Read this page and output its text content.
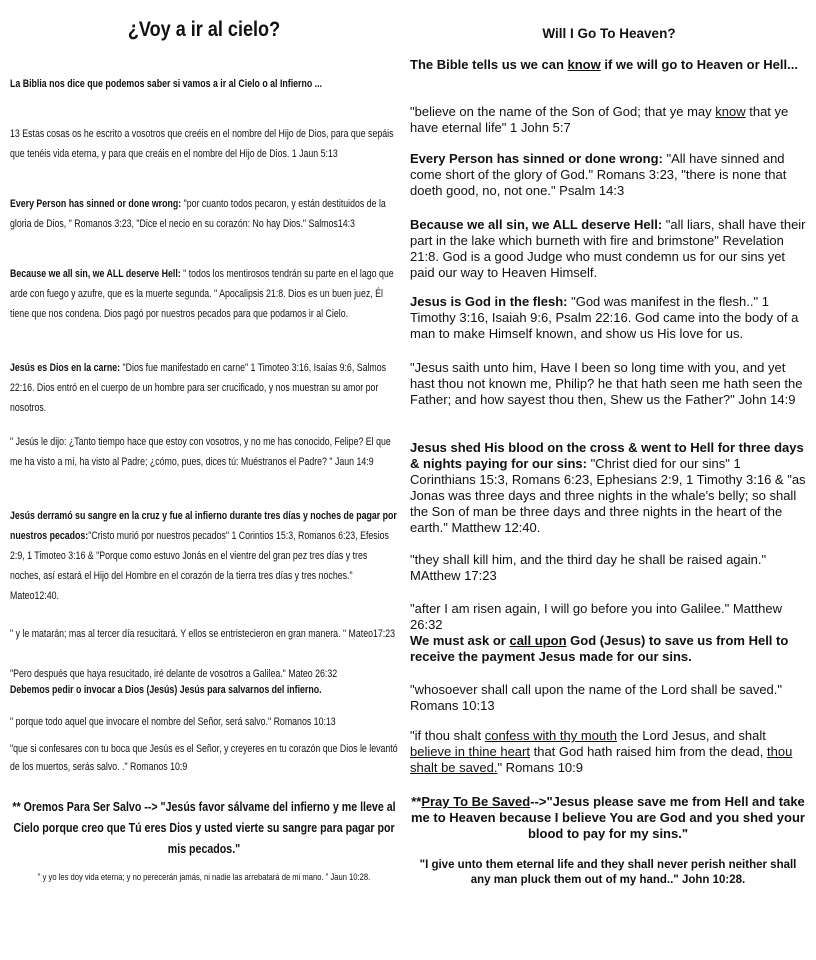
¿Voy a ir al cielo?
La Biblia nos dice que podemos saber si vamos a ir al Cielo o al Infierno ...
13 Estas cosas os he escrito a vosotros que creéis en el nombre del Hijo de Dios, para que sepáis que tenéis vida eterna, y para que creáis en el nombre del Hijo de Dios. 1 Jaun 5:13
Every Person has sinned or done wrong: "por cuanto todos pecaron, y están destituidos de la gloria de Dios, " Romanos 3:23, "Dice el necio en su corazón: No hay Dios." Salmos14:3
Because we all sin, we ALL deserve Hell: " todos los mentirosos tendrán su parte en el lago que arde con fuego y azufre, que es la muerte segunda. " Apocalipsis 21:8. Dios es un buen juez, Él tiene que nos condena. Dios pagó por nuestros pecados para que podamos ir al Cielo.
Jesús es Dios en la carne: "Dios fue manifestado en carne" 1 Timoteo 3:16, Isaías 9:6, Salmos 22:16. Dios entró en el cuerpo de un hombre para ser crucificado, y nos muestran su amor por nosotros.
" Jesús le dijo: ¿Tanto tiempo hace que estoy con vosotros, y no me has conocido, Felipe? El que me ha visto a mí, ha visto al Padre; ¿cómo, pues, dices tú: Muéstranos el Padre? " Jaun 14:9
Jesús derramó su sangre en la cruz y fue al infierno durante tres días y noches de pagar por nuestros pecados:"Cristo murió por nuestros pecados" 1 Corintios 15:3, Romanos 6:23, Efesios 2:9, 1 Timoteo 3:16 & "Porque como estuvo Jonás en el vientre del gran pez tres días y tres noches, así estará el Hijo del Hombre en el corazón de la tierra tres días y tres noches." Mateo12:40.
" y le matarán; mas al tercer día resucitará. Y ellos se entristecieron en gran manera. " Mateo17:23
"Pero después que haya resucitado, iré delante de vosotros a Galilea." Mateo 26:32
Debemos pedir o invocar a Dios (Jesús) Jesús para salvarnos del infierno.
" porque todo aquel que invocare el nombre del Señor, será salvo." Romanos 10:13
"que si confesares con tu boca que Jesús es el Señor, y creyeres en tu corazón que Dios le levantó de los muertos, serás salvo. ." Romanos 10:9
** Oremos Para Ser Salvo --> "Jesús favor sálvame del infierno y me lleve al Cielo porque creo que Tú eres Dios y usted vierte su sangre para pagar por mis pecados."
" y yo les doy vida eterna; y no perecerán jamás, ni nadie las arrebatará de mi mano. " Jaun 10:28.
Will I Go To Heaven?
The Bible tells us we can know if we will go to Heaven or Hell...
"believe on the name of the Son of God; that ye may know that ye have eternal life" 1 John 5:7
Every Person has sinned or done wrong: "All have sinned and come short of the glory of God." Romans 3:23, "there is none that doeth good, no, not one." Psalm 14:3
Because we all sin, we ALL deserve Hell: "all liars, shall have their part in the lake which burneth with fire and brimstone" Revelation 21:8. God is a good Judge who must condemn us for our sins yet paid our way to Heaven Himself.
Jesus is God in the flesh: "God was manifest in the flesh.." 1 Timothy 3:16, Isaiah 9:6, Psalm 22:16. God came into the body of a man to make Himself known, and show us His love for us.
"Jesus saith unto him, Have I been so long time with you, and yet hast thou not known me, Philip? he that hath seen me hath seen the Father; and how sayest thou then, Shew us the Father?" John 14:9
Jesus shed His blood on the cross & went to Hell for three days & nights paying for our sins: "Christ died for our sins" 1 Corinthians 15:3, Romans 6:23, Ephesians 2:9, 1 Timothy 3:16 & "as Jonas was three days and three nights in the whale's belly; so shall the Son of man be three days and three nights in the heart of the earth." Matthew 12:40.
"they shall kill him, and the third day he shall be raised again." MAtthew 17:23
"after I am risen again, I will go before you into Galilee." Matthew 26:32
We must ask or call upon God (Jesus) to save us from Hell to receive the payment Jesus made for our sins.
"whosoever shall call upon the name of the Lord shall be saved." Romans 10:13
"if thou shalt confess with thy mouth the Lord Jesus, and shalt believe in thine heart that God hath raised him from the dead, thou shalt be saved." Romans 10:9
**Pray To Be Saved-->"Jesus please save me from Hell and take me to Heaven because I believe You are God and you shed your blood to pay for my sins."
"I give unto them eternal life and they shall never perish neither shall any man pluck them out of my hand.." John 10:28.
